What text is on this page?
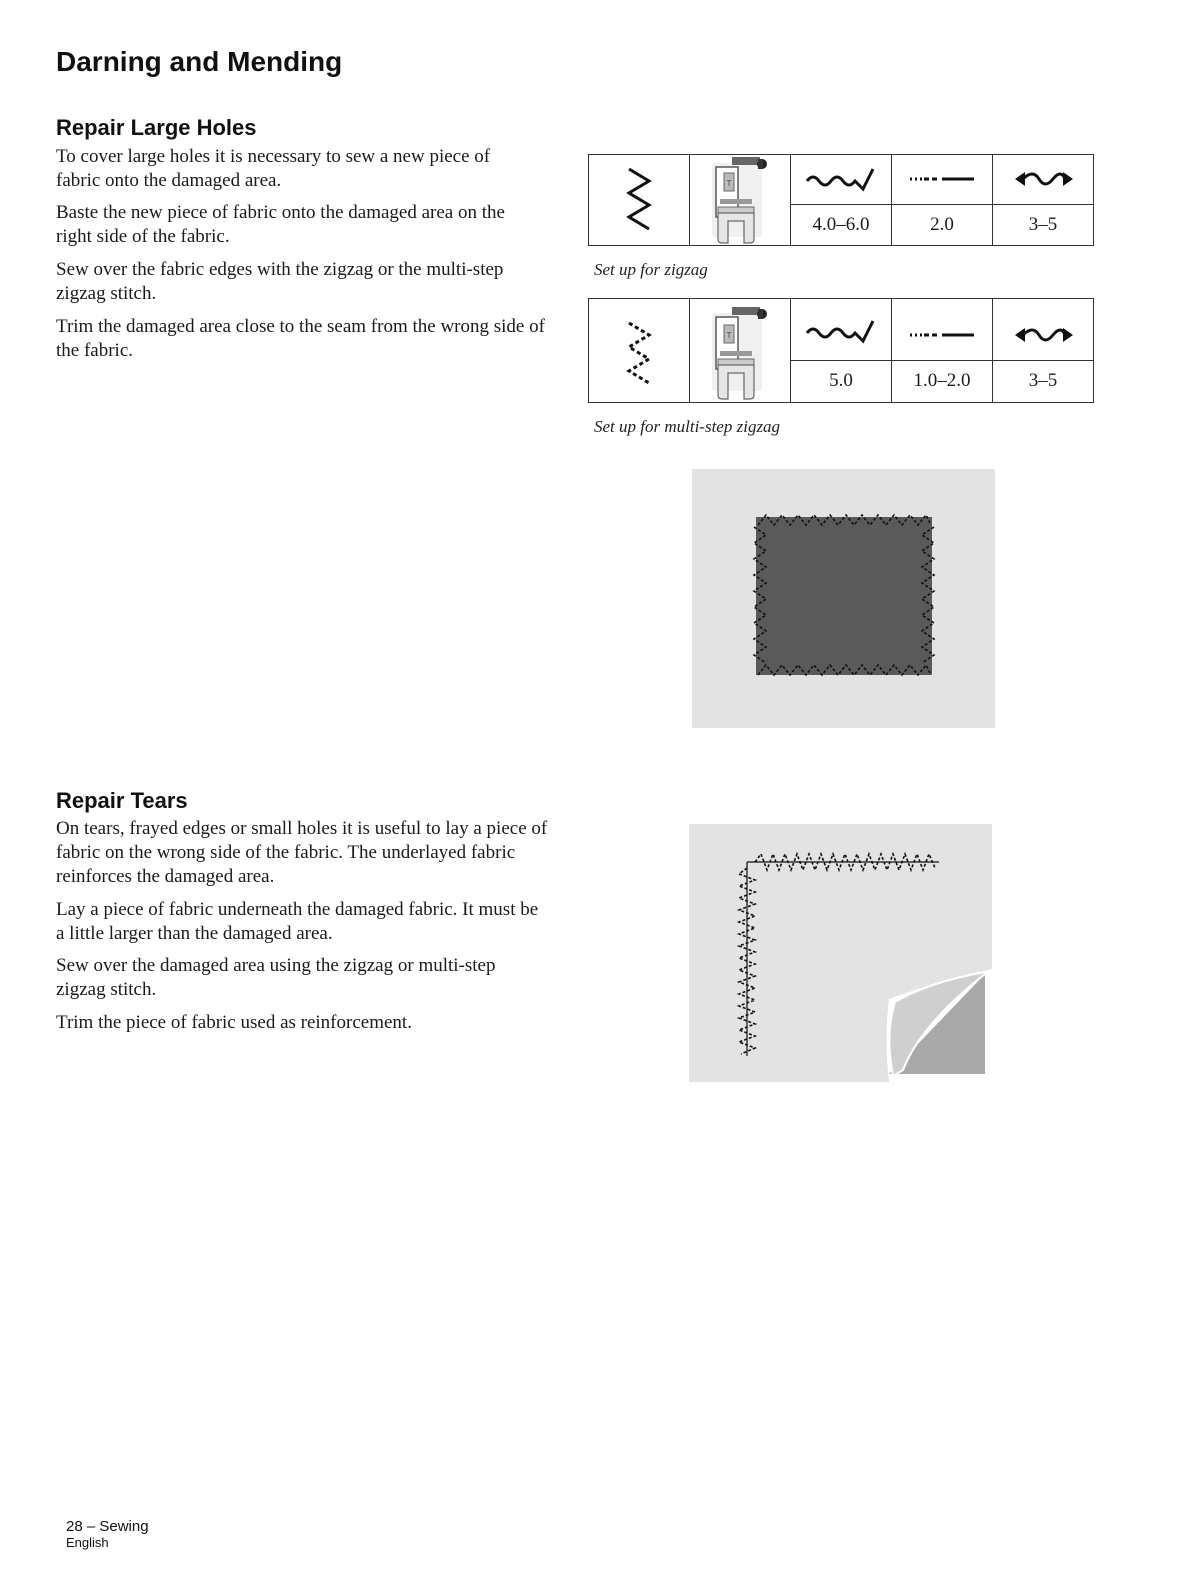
Darning and Mending
Repair Large Holes

To cover large holes it is necessary to sew a new piece of fabric onto the damaged area.

Baste the new piece of fabric onto the damaged area on the right side of the fabric.

Sew over the fabric edges with the zigzag or the multi-step zigzag stitch.

Trim the damaged area close to the seam from the wrong side of the fabric.

T

		4.0–6.0	2.0	3–5

Set up for zigzag

T

		5.0	1.0–2.0	3–5

Set up for multi-step zigzag

Repair Tears

On tears, frayed edges or small holes it is useful to lay a piece of fabric on the wrong side of the fabric. The underlayed fabric reinforces the damaged area.

Lay a piece of fabric underneath the damaged fabric. It must be a little larger than the damaged area.

Sew over the damaged area using the zigzag or multi-step zigzag stitch.

Trim the piece of fabric used as reinforcement.

28 – Sewing
English
